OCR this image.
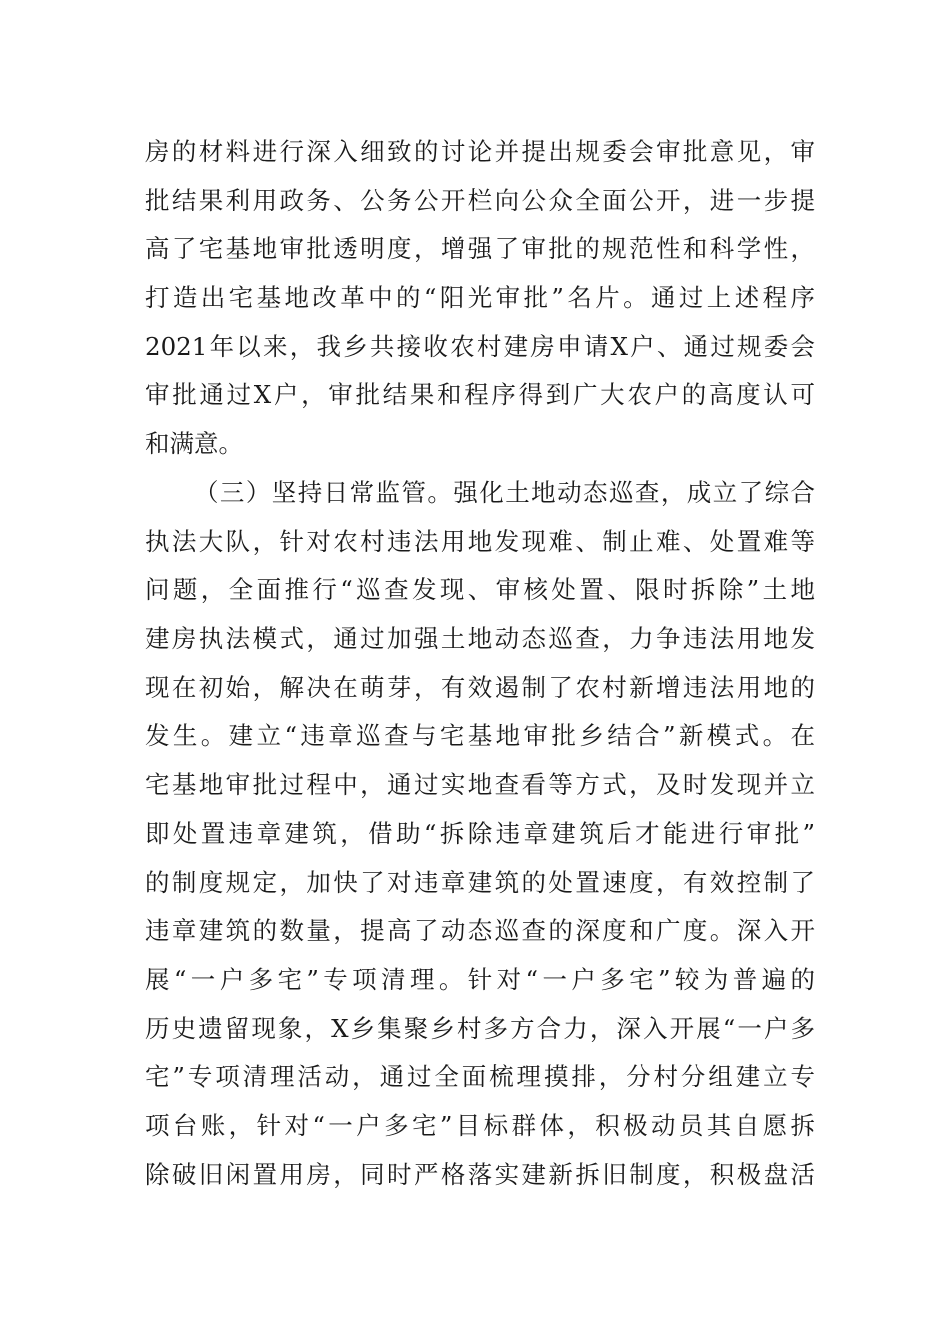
房的材料进行深入细致的讨论并提出规委会审批意见，审
批结果利用政务、公务公开栏向公众全面公开，进一步提
高了宅基地审批透明度，增强了审批的规范性和科学性，
打造出宅基地改革中的“阳光审批”名片。通过上述程序
2021年以来，我乡共接收农村建房申请X户、通过规委会
审批通过X户，审批结果和程序得到广大农户的高度认可
和满意。
（三）坚持日常监管。强化土地动态巡查，成立了综合
执法大队，针对农村违法用地发现难、制止难、处置难等
问题，全面推行“巡查发现、审核处置、限时拆除”土地
建房执法模式，通过加强土地动态巡查，力争违法用地发
现在初始，解决在萌芽，有效遏制了农村新增违法用地的
发生。建立“违章巡查与宅基地审批乡结合”新模式。在
宅基地审批过程中，通过实地查看等方式，及时发现并立
即处置违章建筑，借助“拆除违章建筑后才能进行审批”
的制度规定，加快了对违章建筑的处置速度，有效控制了
违章建筑的数量，提高了动态巡查的深度和广度。深入开
展“一户多宅”专项清理。针对“一户多宅”较为普遍的
历史遗留现象，X乡集聚乡村多方合力，深入开展“一户多
宅”专项清理活动，通过全面梳理摸排，分村分组建立专
项台账，针对“一户多宅”目标群体，积极动员其自愿拆
除破旧闲置用房，同时严格落实建新拆旧制度，积极盘活
